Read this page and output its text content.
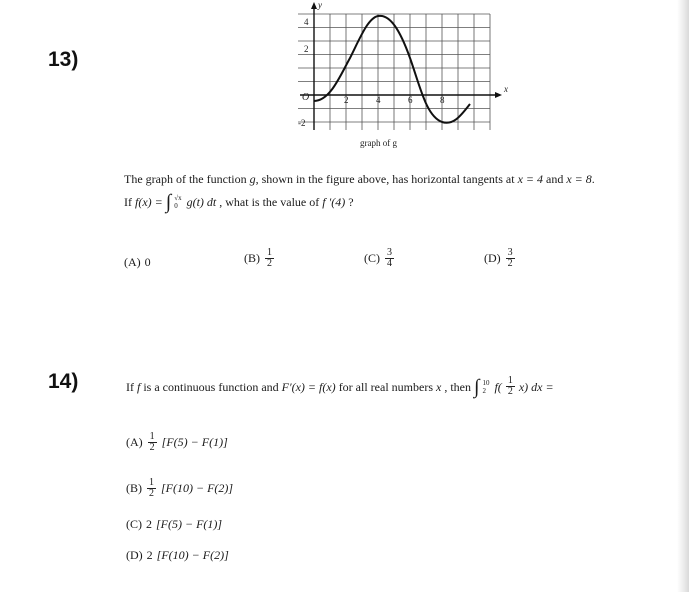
13)
2	4	6	8
4
2
-2
O
y
x
graph of g
The graph of the function g, shown in the figure above, has horizontal tangents at x = 4 and x = 8.
If f(x) = ∫ √x
0 g(t) dt , what is the value of f ′(4) ?
(A) 0	$(B) \frac{1}{2}$	$(C) \frac{3}{4}$	$(D) \frac{3}{2}$
14)	If f is a continuous function and F′(x) = f(x) for all real numbers x , then ∫ 10
2 $f( \frac{1}{2} x)$ dx =
$(A) \frac{1}{2} [F(5) - F(1)]$
$(B) \frac{1}{2} [F(10) - F(2)]$
(C) 2 [F(5) − F(1)]
(D) 2 [F(10) − F(2)]
